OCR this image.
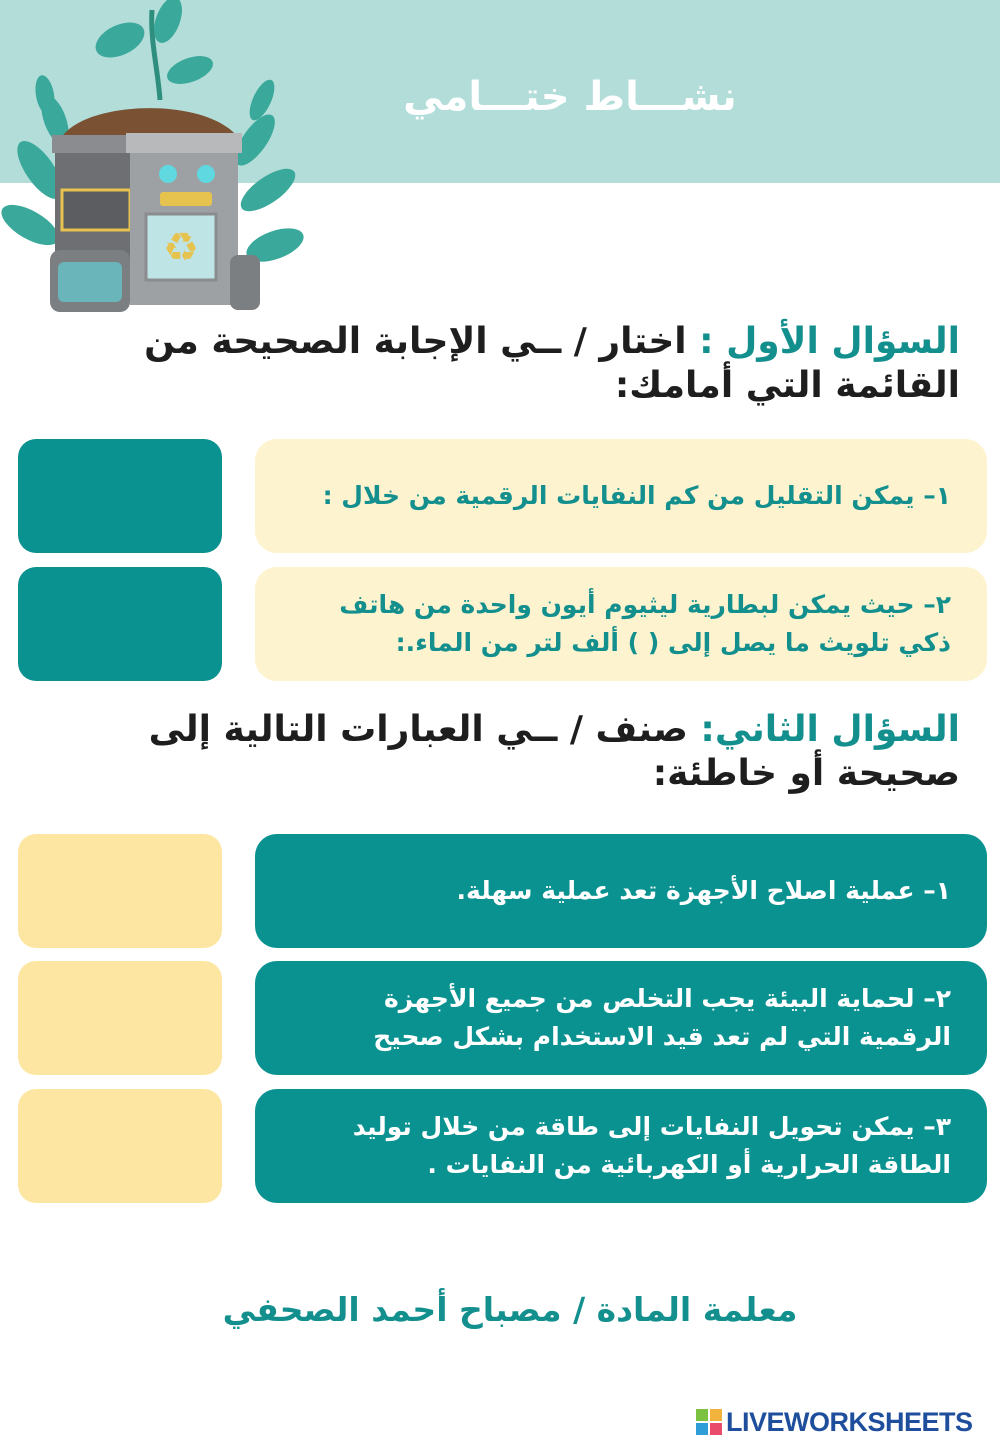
نشـــاط ختـــامي
♻
السؤال الأول : اختار / ــي الإجابة الصحيحة من القائمة التي أمامك:
١– يمكن التقليل من كم النفايات الرقمية من خلال :
٢– حيث يمكن لبطارية ليثيوم أيون واحدة من هاتف
ذكي تلويث ما يصل إلى ( ) ألف لتر من الماء.:
السؤال الثاني: صنف / ــي العبارات التالية إلى صحيحة أو خاطئة:
١– عملية اصلاح الأجهزة تعد عملية سهلة.
٢– لحماية البيئة يجب التخلص من جميع الأجهزة
الرقمية التي لم تعد قيد الاستخدام بشكل صحيح
٣– يمكن تحويل النفايات إلى طاقة من خلال توليد
الطاقة الحرارية أو الكهربائية من النفايات .
معلمة المادة / مصباح أحمد الصحفي
LIVEWORKSHEETS
